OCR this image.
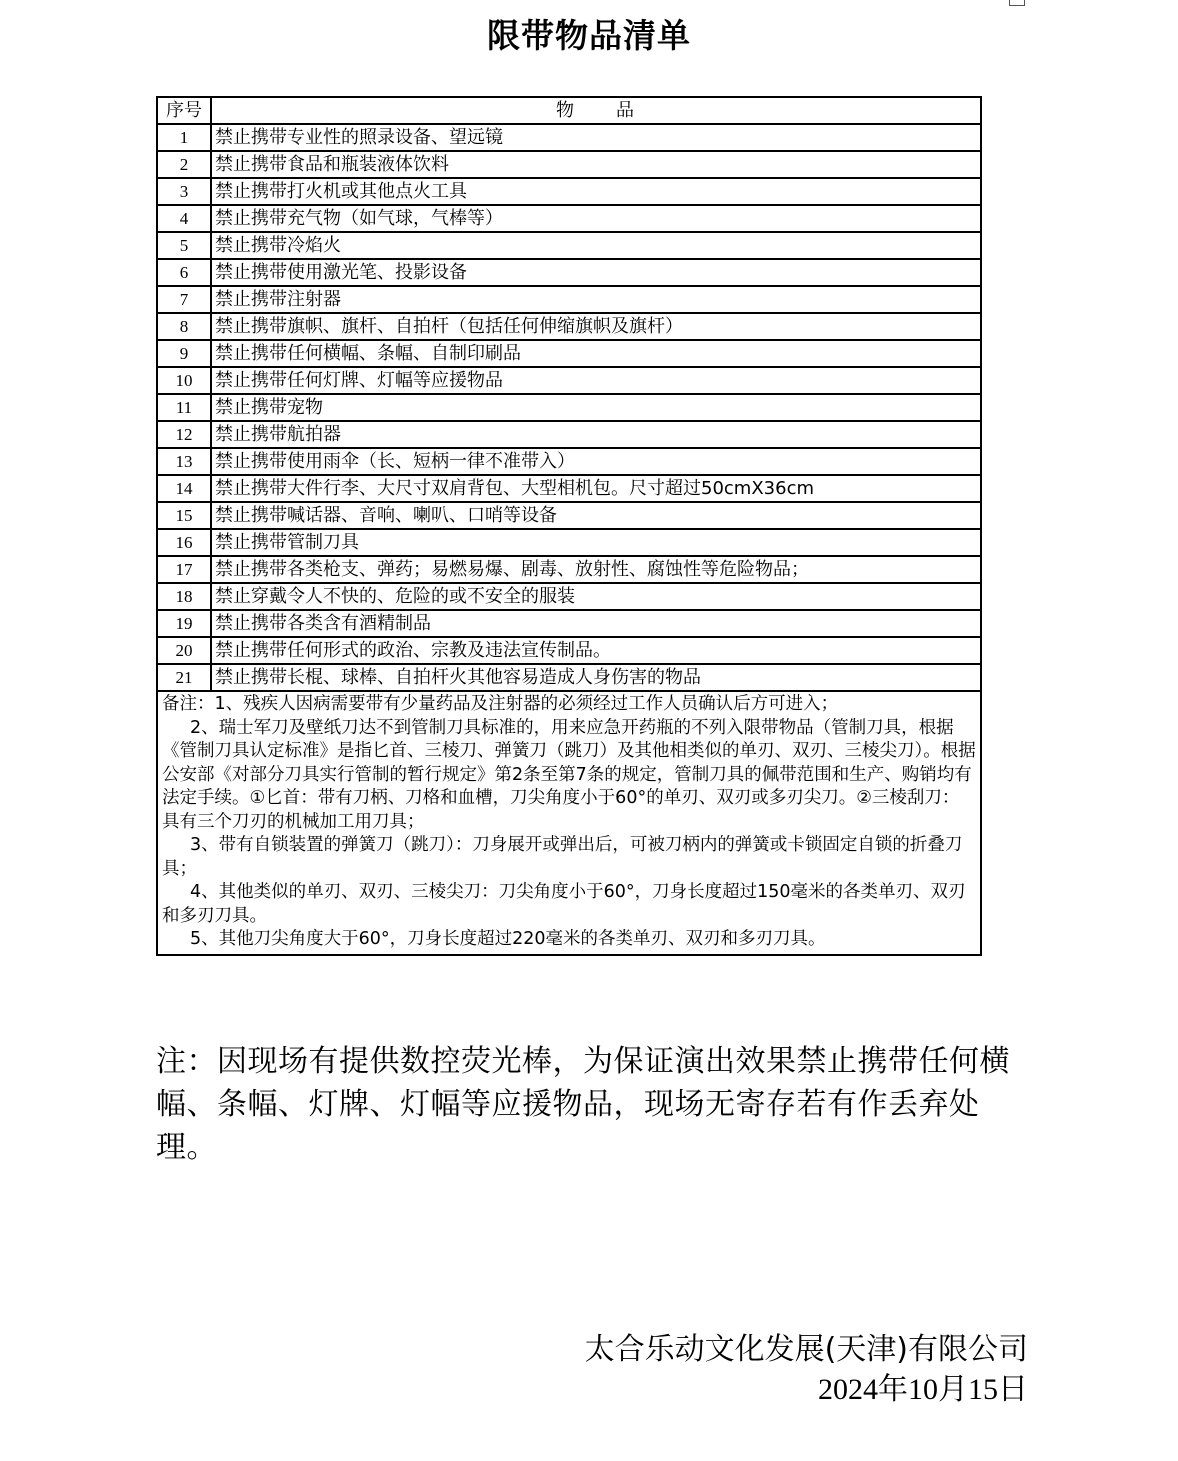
限带物品清单
序号	物　　品
1	禁止携带专业性的照录设备、望远镜
2	禁止携带食品和瓶装液体饮料
3	禁止携带打火机或其他点火工具
4	禁止携带充气物（如气球，气棒等）
5	禁止携带冷焰火
6	禁止携带使用激光笔、投影设备
7	禁止携带注射器
8	禁止携带旗帜、旗杆、自拍杆（包括任何伸缩旗帜及旗杆）
9	禁止携带任何横幅、条幅、自制印刷品
10	禁止携带任何灯牌、灯幅等应援物品
11	禁止携带宠物
12	禁止携带航拍器
13	禁止携带使用雨伞（长、短柄一律不准带入）
14	禁止携带大件行李、大尺寸双肩背包、大型相机包。尺寸超过50cmX36cm
15	禁止携带喊话器、音响、喇叭、口哨等设备
16	禁止携带管制刀具
17	禁止携带各类枪支、弹药；易燃易爆、剧毒、放射性、腐蚀性等危险物品；
18	禁止穿戴令人不快的、危险的或不安全的服装
19	禁止携带各类含有酒精制品
20	禁止携带任何形式的政治、宗教及违法宣传制品。
21	禁止携带长棍、球棒、自拍杆火其他容易造成人身伤害的物品

备注：1、残疾人因病需要带有少量药品及注射器的必须经过工作人员确认后方可进入；

2、瑞士军刀及壁纸刀达不到管制刀具标准的，用来应急开药瓶的不列入限带物品（管制刀具，根据《管制刀具认定标准》是指匕首、三棱刀、弹簧刀（跳刀）及其他相类似的单刃、双刃、三棱尖刀）。根据公安部《对部分刀具实行管制的暂行规定》第2条至第7条的规定，管制刀具的佩带范围和生产、购销均有法定手续。①匕首：带有刀柄、刀格和血槽，刀尖角度小于60°的单刃、双刃或多刃尖刀。②三棱刮刀：具有三个刀刃的机械加工用刀具；

3、带有自锁装置的弹簧刀（跳刀）：刀身展开或弹出后，可被刀柄内的弹簧或卡锁固定自锁的折叠刀具；

4、其他类似的单刃、双刃、三棱尖刀：刀尖角度小于60°，刀身长度超过150毫米的各类单刃、双刃和多刃刀具。

5、其他刀尖角度大于60°，刀身长度超过220毫米的各类单刃、双刃和多刃刀具。	

注：因现场有提供数控荧光棒，为保证演出效果禁止携带任何横幅、条幅、灯牌、灯幅等应援物品，现场无寄存若有作丢弃处理。
太合乐动文化发展(天津)有限公司
2024年10月15日
